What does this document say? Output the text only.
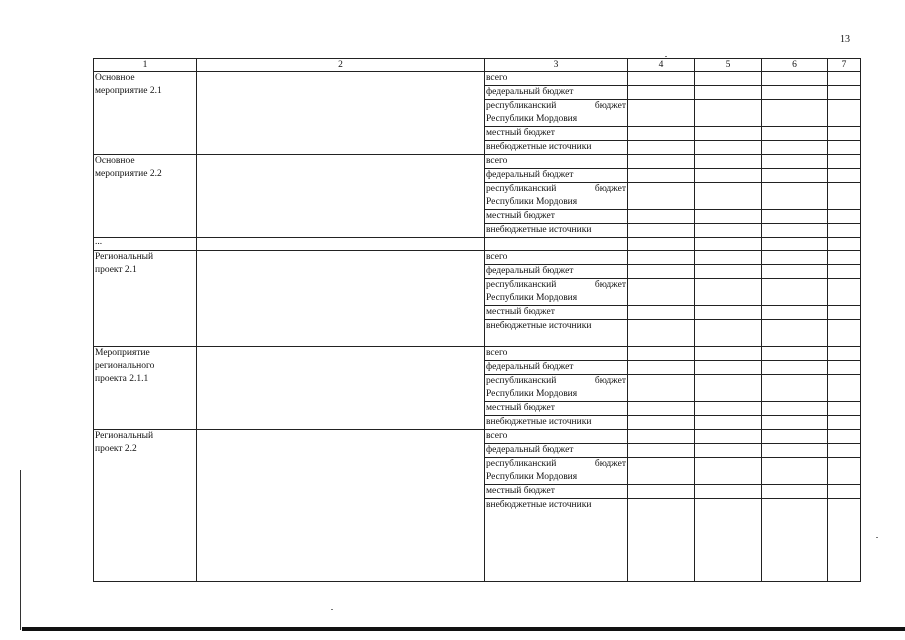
13
1	2	3	4	5	6	7

Основное
мероприятие 2.1		всего				
		федеральный бюджет				

		республиканский бюджет
Республики Мордовия				

		местный бюджет				
		внебюджетные источники				

Основное
мероприятие 2.2		всего				
		федеральный бюджет				

		республиканский бюджет
Республики Мордовия				

		местный бюджет				
		внебюджетные источники				
...						

Региональный
проект 2.1		всего				
		федеральный бюджет				

		республиканский бюджет
Республики Мордовия				

		местный бюджет				
		внебюджетные источники				

Мероприятие
регионального
проекта 2.1.1		всего				
		федеральный бюджет				

		республиканский бюджет
Республики Мордовия				

		местный бюджет				
		внебюджетные источники				

Региональный
проект 2.2		всего				
		федеральный бюджет				

		республиканский бюджет
Республики Мордовия				

		местный бюджет				
		внебюджетные источники				
